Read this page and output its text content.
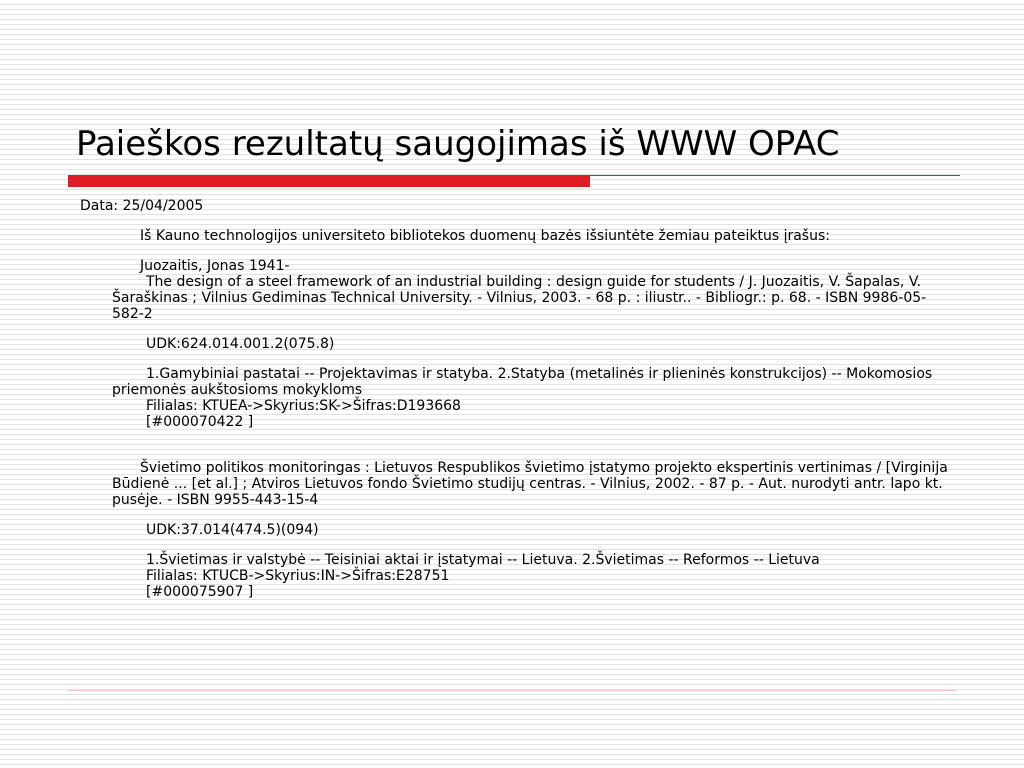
Paieškos rezultatų saugojimas iš WWW OPAC

Data: 25/04/2005

Iš Kauno technologijos universiteto bibliotekos duomenų bazės išsiuntėte žemiau pateiktus įrašus:

Juozaitis, Jonas 1941-

The design of a steel framework of an industrial building : design guide for students / J. Juozaitis, V. Šapalas, V. Šaraškinas ; Vilnius Gediminas Technical University. - Vilnius, 2003. - 68 p. : iliustr.. - Bibliogr.: p. 68. - ISBN 9986-05-582-2

UDK:624.014.001.2(075.8)

1.Gamybiniai pastatai -- Projektavimas ir statyba. 2.Statyba (metalinės ir plieninės konstrukcijos) -- Mokomosios priemonės aukštosioms mokykloms

Filialas: KTUEA->Skyrius:SK->Šifras:D193668

[#000070422 ]

Švietimo politikos monitoringas : Lietuvos Respublikos švietimo įstatymo projekto ekspertinis vertinimas / [Virginija Būdienė ... [et al.] ; Atviros Lietuvos fondo Švietimo studijų centras. - Vilnius, 2002. - 87 p. - Aut. nurodyti antr. lapo kt. pusėje. - ISBN 9955-443-15-4

UDK:37.014(474.5)(094)

1.Švietimas ir valstybė -- Teisiniai aktai ir įstatymai -- Lietuva. 2.Švietimas -- Reformos -- Lietuva

Filialas: KTUCB->Skyrius:IN->Šifras:E28751

[#000075907 ]
